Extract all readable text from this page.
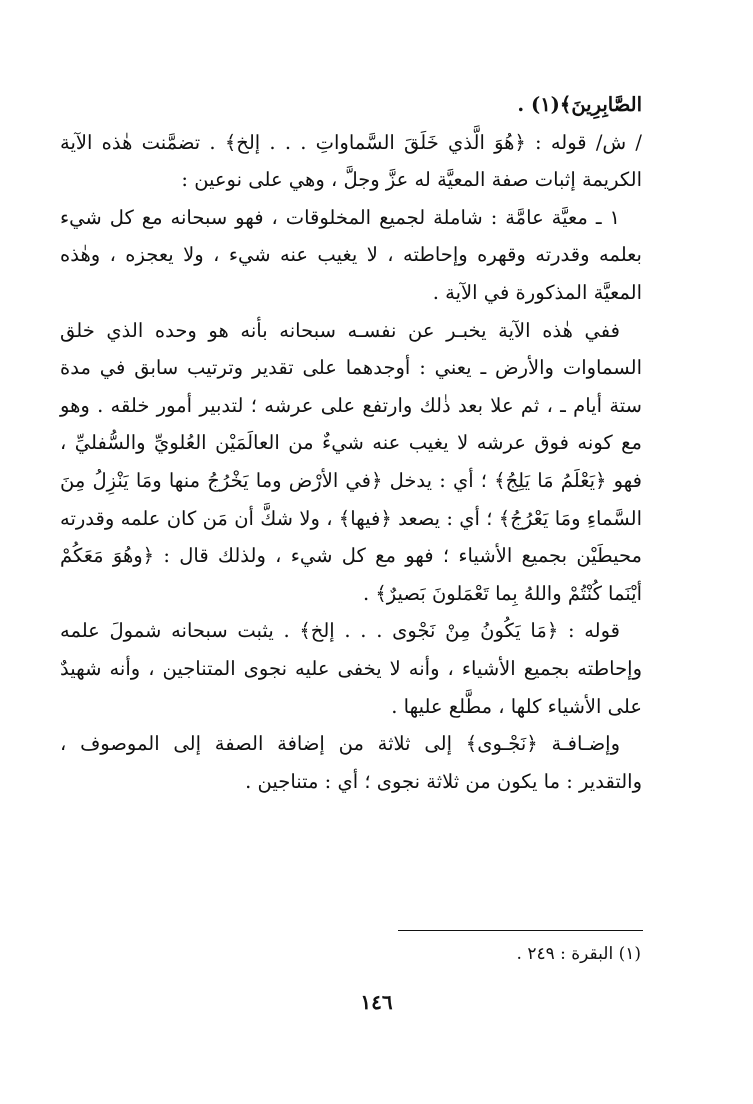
الصَّابِرِينَ﴾(١) .

/ ش/ قوله : ﴿هُوَ الَّذي خَلَقَ السَّماواتِ . . . إلخ﴾ . تضمَّنت هٰذه الآية الكريمة إثبات صفة المعيَّة له عزَّ وجلَّ ، وهي على نوعين :

١ ـ معيَّة عامَّة : شاملة لجميع المخلوقات ، فهو سبحانه مع كل شيء بعلمه وقدرته وقهره وإحاطته ، لا يغيب عنه شيء ، ولا يعجزه ، وهٰذه المعيَّة المذكورة في الآية .

ففي هٰذه الآية يخبـر عن نفسـه سبحانه بأنه هو وحده الذي خلق السماوات والأرض ـ يعني : أوجدهما على تقدير وترتيب سابق في مدة ستة أيام ـ ، ثم علا بعد ذٰلك وارتفع على عرشه ؛ لتدبير أمور خلقه . وهو مع كونه فوق عرشه لا يغيب عنه شيءٌ من العالَمَيْن العُلويِّ والسُّفليِّ ، فهو ﴿يَعْلَمُ مَا يَلِجُ﴾ ؛ أي : يدخل ﴿في الأرْض وما يَخْرُجُ منها ومَا يَنْزِلُ مِنَ السَّماءِ ومَا يَعْرُجُ﴾ ؛ أي : يصعد ﴿فيها﴾ ، ولا شكَّ أن مَن كان علمه وقدرته محيطَيْن بجميع الأشياء ؛ فهو مع كل شيء ، ولذلك قال : ﴿وهُوَ مَعَكُمْ أيْنَما كُنْتُمْ واللهُ بِما تَعْمَلونَ بَصيرٌ﴾ .

قوله : ﴿مَا يَكُونُ مِنْ نَجْوى . . . إلخ﴾ . يثبت سبحانه شمولَ علمه وإحاطته بجميع الأشياء ، وأنه لا يخفى عليه نجوى المتناجين ، وأنه شهيدٌ على الأشياء كلها ، مطَّلع عليها .

وإضـافـة ﴿نَجْـوى﴾ إلى ثلاثة من إضافة الصفة إلى الموصوف ، والتقدير : ما يكون من ثلاثة نجوى ؛ أي : متناجين .

(١) البقرة : ٢٤٩ .
١٤٦
